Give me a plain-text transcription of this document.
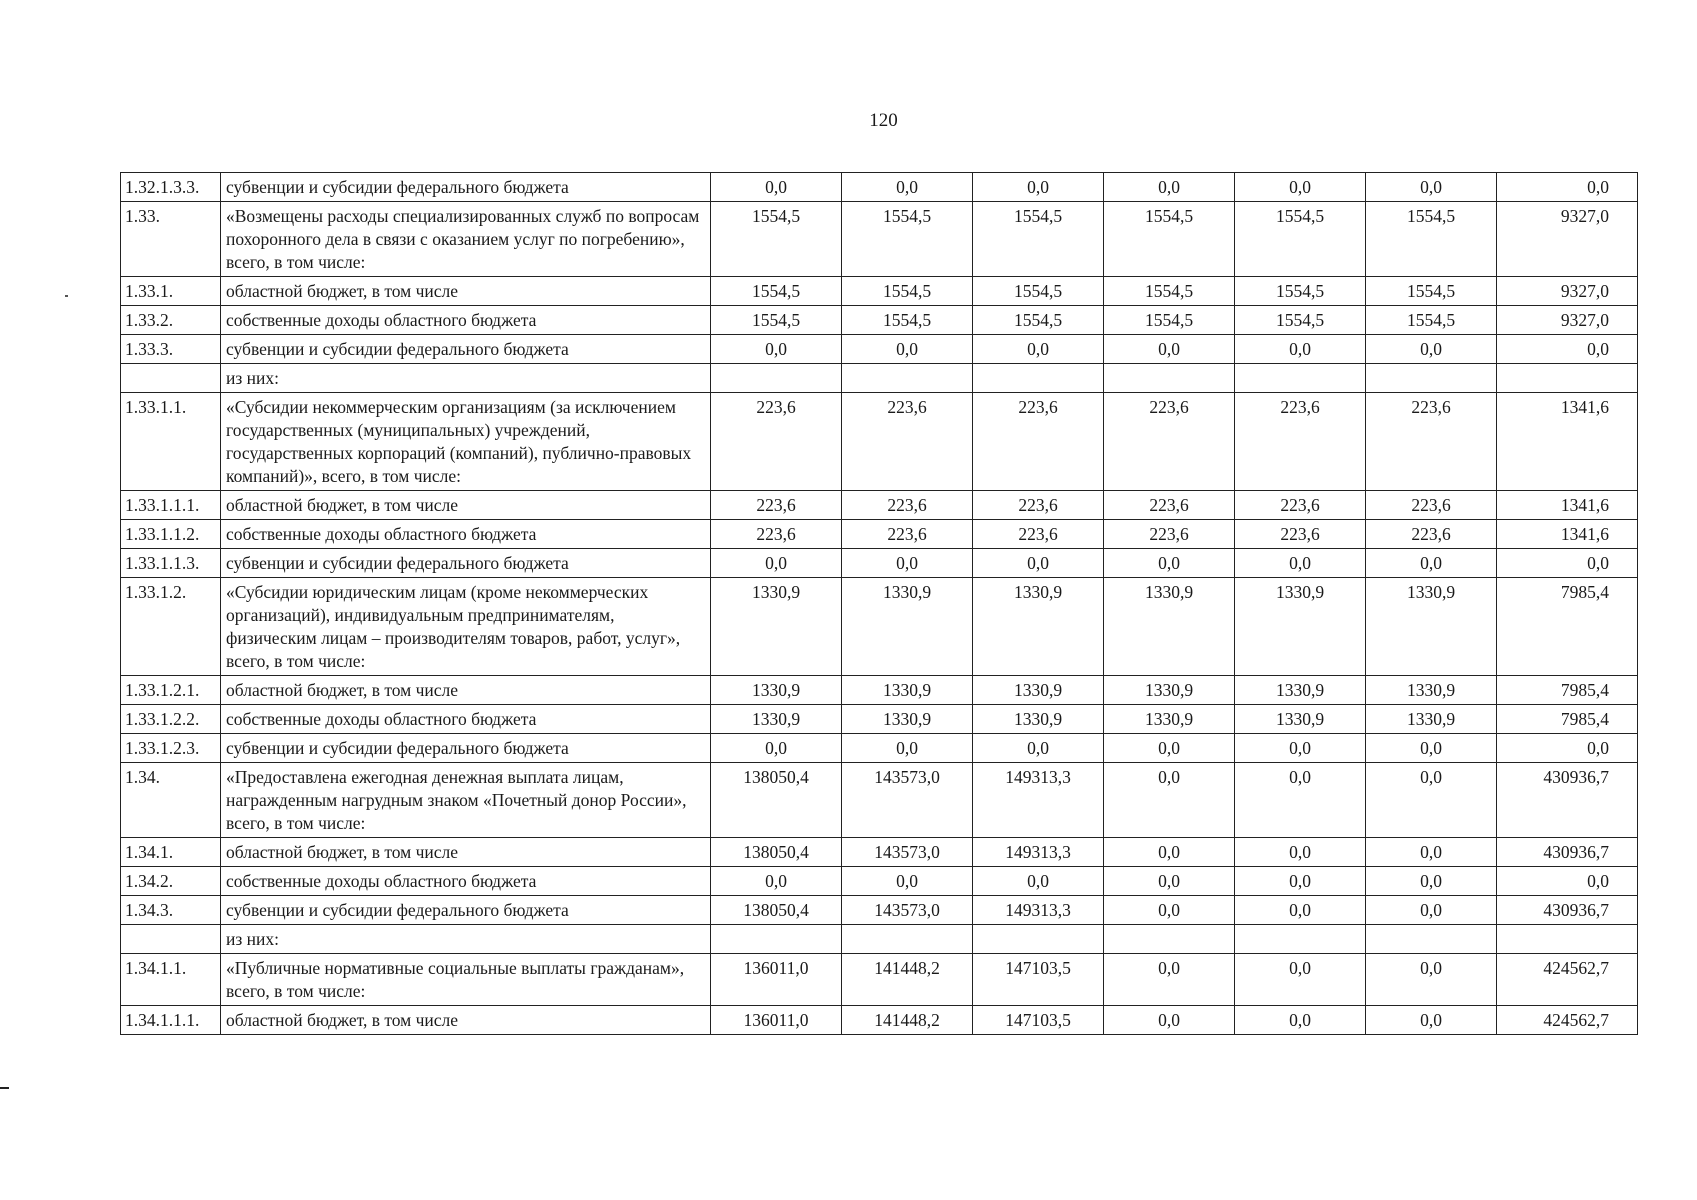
120
1.32.1.3.3.	субвенции и субсидии федерального бюджета	0,0	0,0	0,0	0,0	0,0	0,0	0,0
1.33.	«Возмещены расходы специализированных служб по вопросам похоронного дела в связи с оказанием услуг по погребению», всего, в том числе:	1554,5	1554,5	1554,5	1554,5	1554,5	1554,5	9327,0
1.33.1.	областной бюджет, в том числе	1554,5	1554,5	1554,5	1554,5	1554,5	1554,5	9327,0
1.33.2.	собственные доходы областного бюджета	1554,5	1554,5	1554,5	1554,5	1554,5	1554,5	9327,0
1.33.3.	субвенции и субсидии федерального бюджета	0,0	0,0	0,0	0,0	0,0	0,0	0,0
	из них:							
1.33.1.1.	«Субсидии некоммерческим организациям (за исключением государственных (муниципальных) учреждений, государственных корпораций (компаний), публично-правовых компаний)», всего, в том числе:	223,6	223,6	223,6	223,6	223,6	223,6	1341,6
1.33.1.1.1.	областной бюджет, в том числе	223,6	223,6	223,6	223,6	223,6	223,6	1341,6
1.33.1.1.2.	собственные доходы областного бюджета	223,6	223,6	223,6	223,6	223,6	223,6	1341,6
1.33.1.1.3.	субвенции и субсидии федерального бюджета	0,0	0,0	0,0	0,0	0,0	0,0	0,0
1.33.1.2.	«Субсидии юридическим лицам (кроме некоммерческих организаций), индивидуальным предпринимателям, физическим лицам – производителям товаров, работ, услуг», всего, в том числе:	1330,9	1330,9	1330,9	1330,9	1330,9	1330,9	7985,4
1.33.1.2.1.	областной бюджет, в том числе	1330,9	1330,9	1330,9	1330,9	1330,9	1330,9	7985,4
1.33.1.2.2.	собственные доходы областного бюджета	1330,9	1330,9	1330,9	1330,9	1330,9	1330,9	7985,4
1.33.1.2.3.	субвенции и субсидии федерального бюджета	0,0	0,0	0,0	0,0	0,0	0,0	0,0
1.34.	«Предоставлена ежегодная денежная выплата лицам, награжденным нагрудным знаком «Почетный донор России», всего, в том числе:	138050,4	143573,0	149313,3	0,0	0,0	0,0	430936,7
1.34.1.	областной бюджет, в том числе	138050,4	143573,0	149313,3	0,0	0,0	0,0	430936,7
1.34.2.	собственные доходы областного бюджета	0,0	0,0	0,0	0,0	0,0	0,0	0,0
1.34.3.	субвенции и субсидии федерального бюджета	138050,4	143573,0	149313,3	0,0	0,0	0,0	430936,7
	из них:							
1.34.1.1.	«Публичные нормативные социальные выплаты гражданам», всего, в том числе:	136011,0	141448,2	147103,5	0,0	0,0	0,0	424562,7
1.34.1.1.1.	областной бюджет, в том числе	136011,0	141448,2	147103,5	0,0	0,0	0,0	424562,7
